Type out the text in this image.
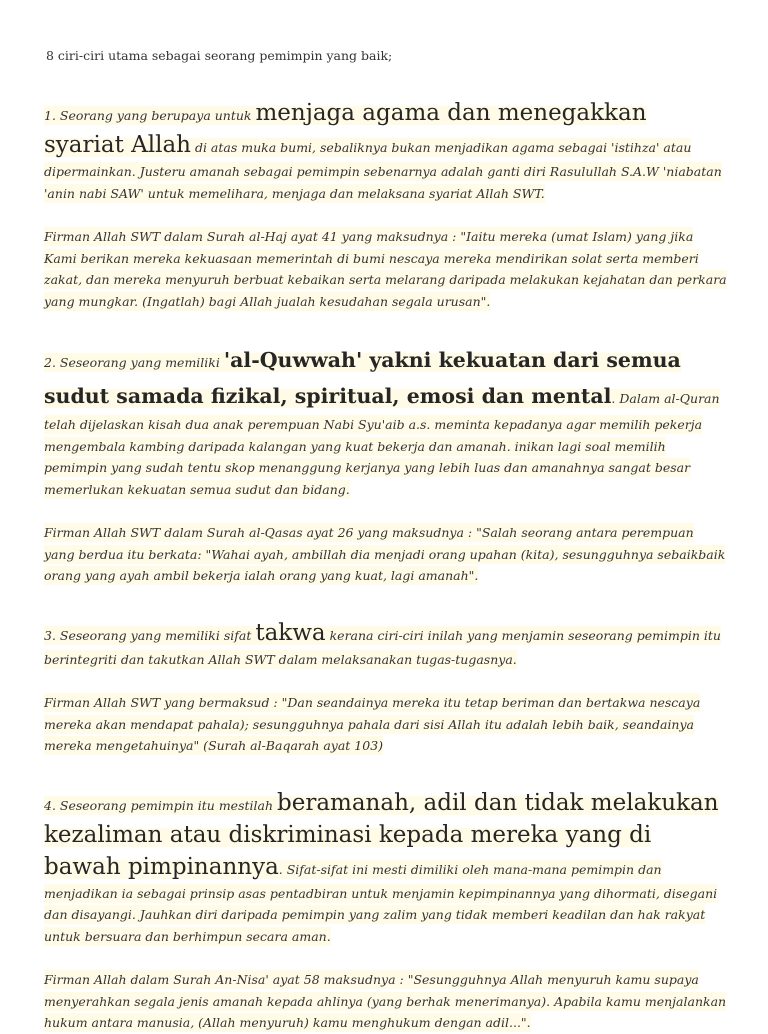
8 ciri-ciri utama sebagai seorang pemimpin yang baik;

1. Seorang yang berupaya untuk menjaga agama dan menegakkan syariat Allah di atas muka bumi, sebaliknya bukan menjadikan agama sebagai 'istihza' atau dipermainkan. Justeru amanah sebagai pemimpin sebenarnya adalah ganti diri Rasulullah S.A.W 'niabatan 'anin nabi SAW' untuk memelihara, menjaga dan melaksana syariat Allah SWT.

Firman Allah SWT dalam Surah al-Haj ayat 41 yang maksudnya : "Iaitu mereka (umat Islam) yang jika Kami berikan mereka kekuasaan memerintah di bumi nescaya mereka mendirikan solat serta memberi zakat, dan mereka menyuruh berbuat kebaikan serta melarang daripada melakukan kejahatan dan perkara yang mungkar. (Ingatlah) bagi Allah jualah kesudahan segala urusan".

2. Seseorang yang memiliki 'al-Quwwah' yakni kekuatan dari semua sudut samada fizikal, spiritual, emosi dan mental. Dalam al-Quran telah dijelaskan kisah dua anak perempuan Nabi Syu'aib a.s. meminta kepadanya agar memilih pekerja mengembala kambing daripada kalangan yang kuat bekerja dan amanah. inikan lagi soal memilih pemimpin yang sudah tentu skop menanggung kerjanya yang lebih luas dan amanahnya sangat besar memerlukan kekuatan semua sudut dan bidang.

Firman Allah SWT dalam Surah al-Qasas ayat 26 yang maksudnya : "Salah seorang antara perempuan yang berdua itu berkata: "Wahai ayah, ambillah dia menjadi orang upahan (kita), sesungguhnya sebaikbaik orang yang ayah ambil bekerja ialah orang yang kuat, lagi amanah".

3. Seseorang yang memiliki sifat takwa kerana ciri-ciri inilah yang menjamin seseorang pemimpin itu berintegriti dan takutkan Allah SWT dalam melaksanakan tugas-tugasnya.

Firman Allah SWT yang bermaksud : "Dan seandainya mereka itu tetap beriman dan bertakwa nescaya mereka akan mendapat pahala); sesungguhnya pahala dari sisi Allah itu adalah lebih baik, seandainya mereka mengetahuinya" (Surah al-Baqarah ayat 103)

4. Seseorang pemimpin itu mestilah beramanah, adil dan tidak melakukan kezaliman atau diskriminasi kepada mereka yang di bawah pimpinannya. Sifat-sifat ini mesti dimiliki oleh mana-mana pemimpin dan menjadikan ia sebagai prinsip asas pentadbiran untuk menjamin kepimpinannya yang dihormati, disegani dan disayangi. Jauhkan diri daripada pemimpin yang zalim yang tidak memberi keadilan dan hak rakyat untuk bersuara dan berhimpun secara aman.

Firman Allah dalam Surah An-Nisa' ayat 58 maksudnya : "Sesungguhnya Allah menyuruh kamu supaya menyerahkan segala jenis amanah kepada ahlinya (yang berhak menerimanya). Apabila kamu menjalankan hukum antara manusia, (Allah menyuruh) kamu menghukum dengan adil...".
